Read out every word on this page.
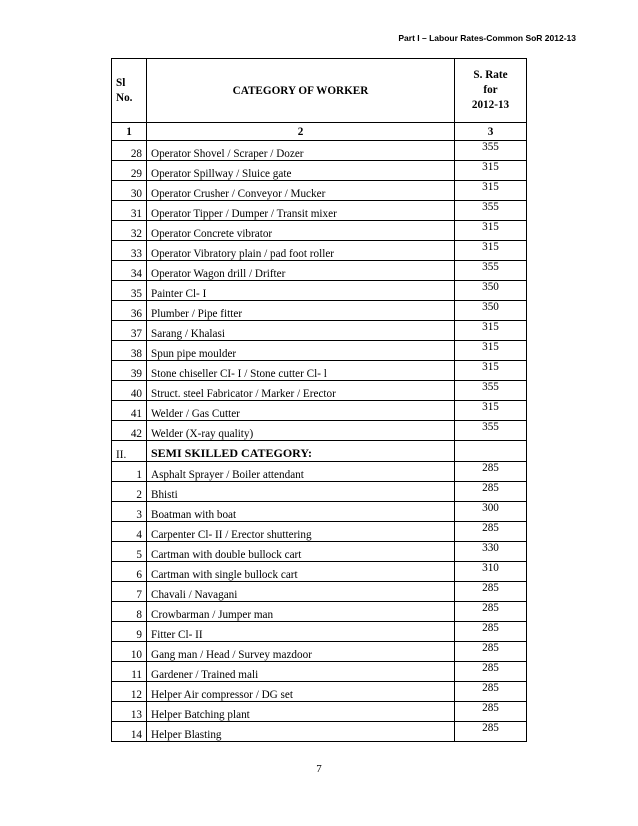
Part I – Labour Rates-Common SoR 2012-13
Sl
No.	CATEGORY OF WORKER	S. Rate
for
2012-13
1	2	3
28	Operator Shovel / Scraper / Dozer	355
29	Operator Spillway / Sluice gate	315
30	Operator Crusher / Conveyor / Mucker	315
31	Operator Tipper / Dumper / Transit mixer	355
32	Operator Concrete vibrator	315
33	Operator Vibratory plain / pad foot roller	315
34	Operator Wagon drill / Drifter	355
35	Painter Cl- I	350
36	Plumber / Pipe fitter	350
37	Sarang / Khalasi	315
38	Spun pipe moulder	315
39	Stone chiseller CI- I / Stone cutter Cl- l	315
40	Struct. steel Fabricator / Marker / Erector	355
41	Welder / Gas Cutter	315
42	Welder (X-ray quality)	355
II.	SEMI SKILLED CATEGORY:	
1	Asphalt Sprayer / Boiler attendant	285
2	Bhisti	285
3	Boatman with boat	300
4	Carpenter Cl- II / Erector shuttering	285
5	Cartman with double bullock cart	330
6	Cartman with single bullock cart	310
7	Chavali / Navagani	285
8	Crowbarman / Jumper man	285
9	Fitter Cl- II	285
10	Gang man / Head / Survey mazdoor	285
11	Gardener / Trained mali	285
12	Helper Air compressor / DG set	285
13	Helper Batching plant	285
14	Helper Blasting	285
7
